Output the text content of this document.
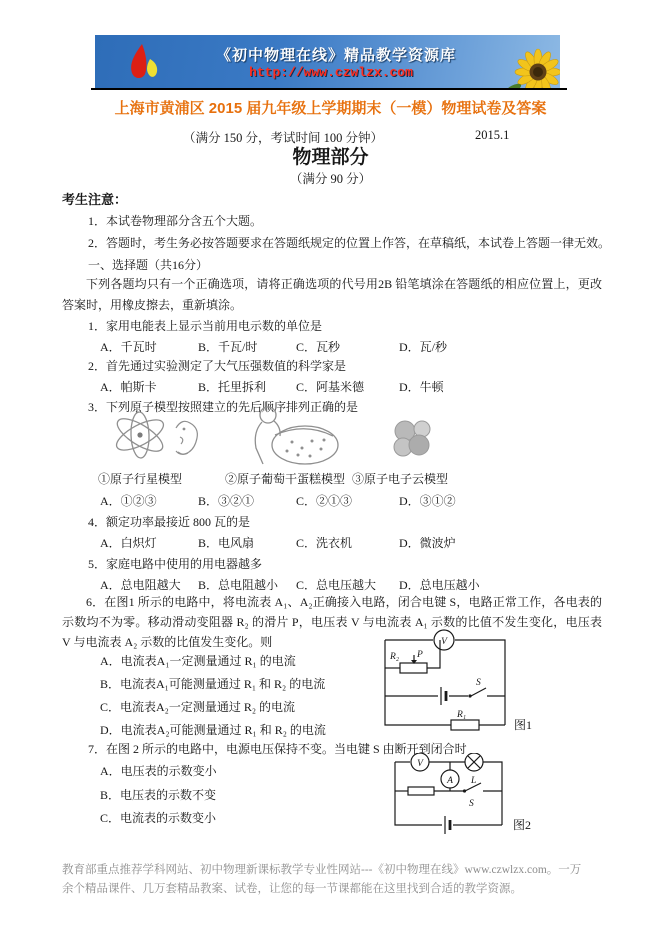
《初中物理在线》精品教学资源库
http://www.czwlzx.com
上海市黄浦区 2015 届九年级上学期期末（一模）物理试卷及答案
（满分 150 分，考试时间 100 分钟）	2015.1
物理部分
（满分 90 分）
考生注意：
1．本试卷物理部分含五个大题。
2．答题时，考生务必按答题要求在答题纸规定的位置上作答，在草稿纸，本试卷上答题一律无效。
一、选择题（共16分）
下列各题均只有一个正确选项，请将正确选项的代号用2B 铅笔填涂在答题纸的相应位置上，更改答案时，用橡皮擦去，重新填涂。
1．家用电能表上显示当前用电示数的单位是
A．千瓦时	B．千瓦/时	C．瓦秒	D．瓦/秒
2．首先通过实验测定了大气压强数值的科学家是
A．帕斯卡	B．托里拆利 C．阿基米德	D．牛顿
3．下列原子模型按照建立的先后顺序排列正确的是
①原子行星模型	②原子葡萄干蛋糕模型 ③原子电子云模型
A．①②③	B．③②①	C．②①③	D．③①②
4．额定功率最接近 800 瓦的是
A．白炽灯	B．电风扇	C．洗衣机	D．微波炉
5．家庭电路中使用的用电器越多
A．总电阻越大 B．总电阻越小 C．总电压越大 D．总电压越小
6．在图1 所示的电路中，将电流表 A₁、A₂正确接入电路，闭合电键 S，电路正常工作，各电表的示数均不为零。移动滑动变阻器 R₂ 的滑片 P，电压表 V 与电流表 A₁ 示数的比值不发生变化，电压表 V 与电流表 A₂ 示数的比值发生变化。则
A．电流表A₁一定测量通过 R₁ 的电流
B．电流表A₁可能测量通过 R₁ 和 R₂ 的电流
C．电流表A₂一定测量通过 R₂ 的电流
D．电流表A₂可能测量通过 R₁ 和 R₂ 的电流
V
R₂ P
S
R₁
图1
7．在图 2 所示的电路中，电源电压保持不变。当电键 S 由断开到闭合时
A．电压表的示数变小
B．电压表的示数不变
C．电流表的示数变小
V
A L
S
图2
教育部重点推荐学科网站、初中物理新课标教学专业性网站---《初中物理在线》www.czwlzx.com。一万余个精品课件、几万套精品教案、试卷，让您的每一节课都能在这里找到合适的教学资源。
